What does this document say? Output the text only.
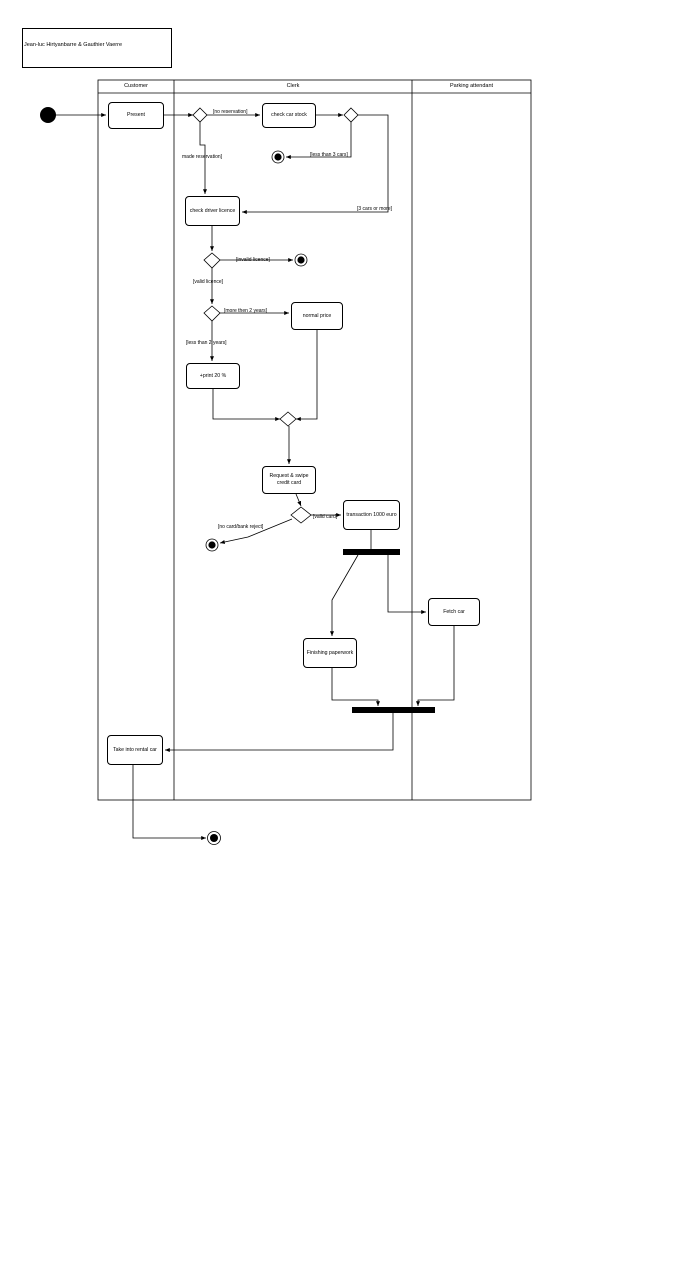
Jean-luc Hirtyanbarre & Gauthier Vaerre
Customer	Clerk	Parking attendant
Present	check car stock
check driver licence
normal price
+print 20 %
Request & swipe credit card
transaction 1000 euro
Finishing paperwork
Fetch car
Take into rental car
[no reservation]
[less than 3 cars]
made reservation]
[3 cars or more]
[invalid licence]
[valid licence]
[more then 2 years]
[less than 2 years]
[valid card]
[no card/bank reject]
